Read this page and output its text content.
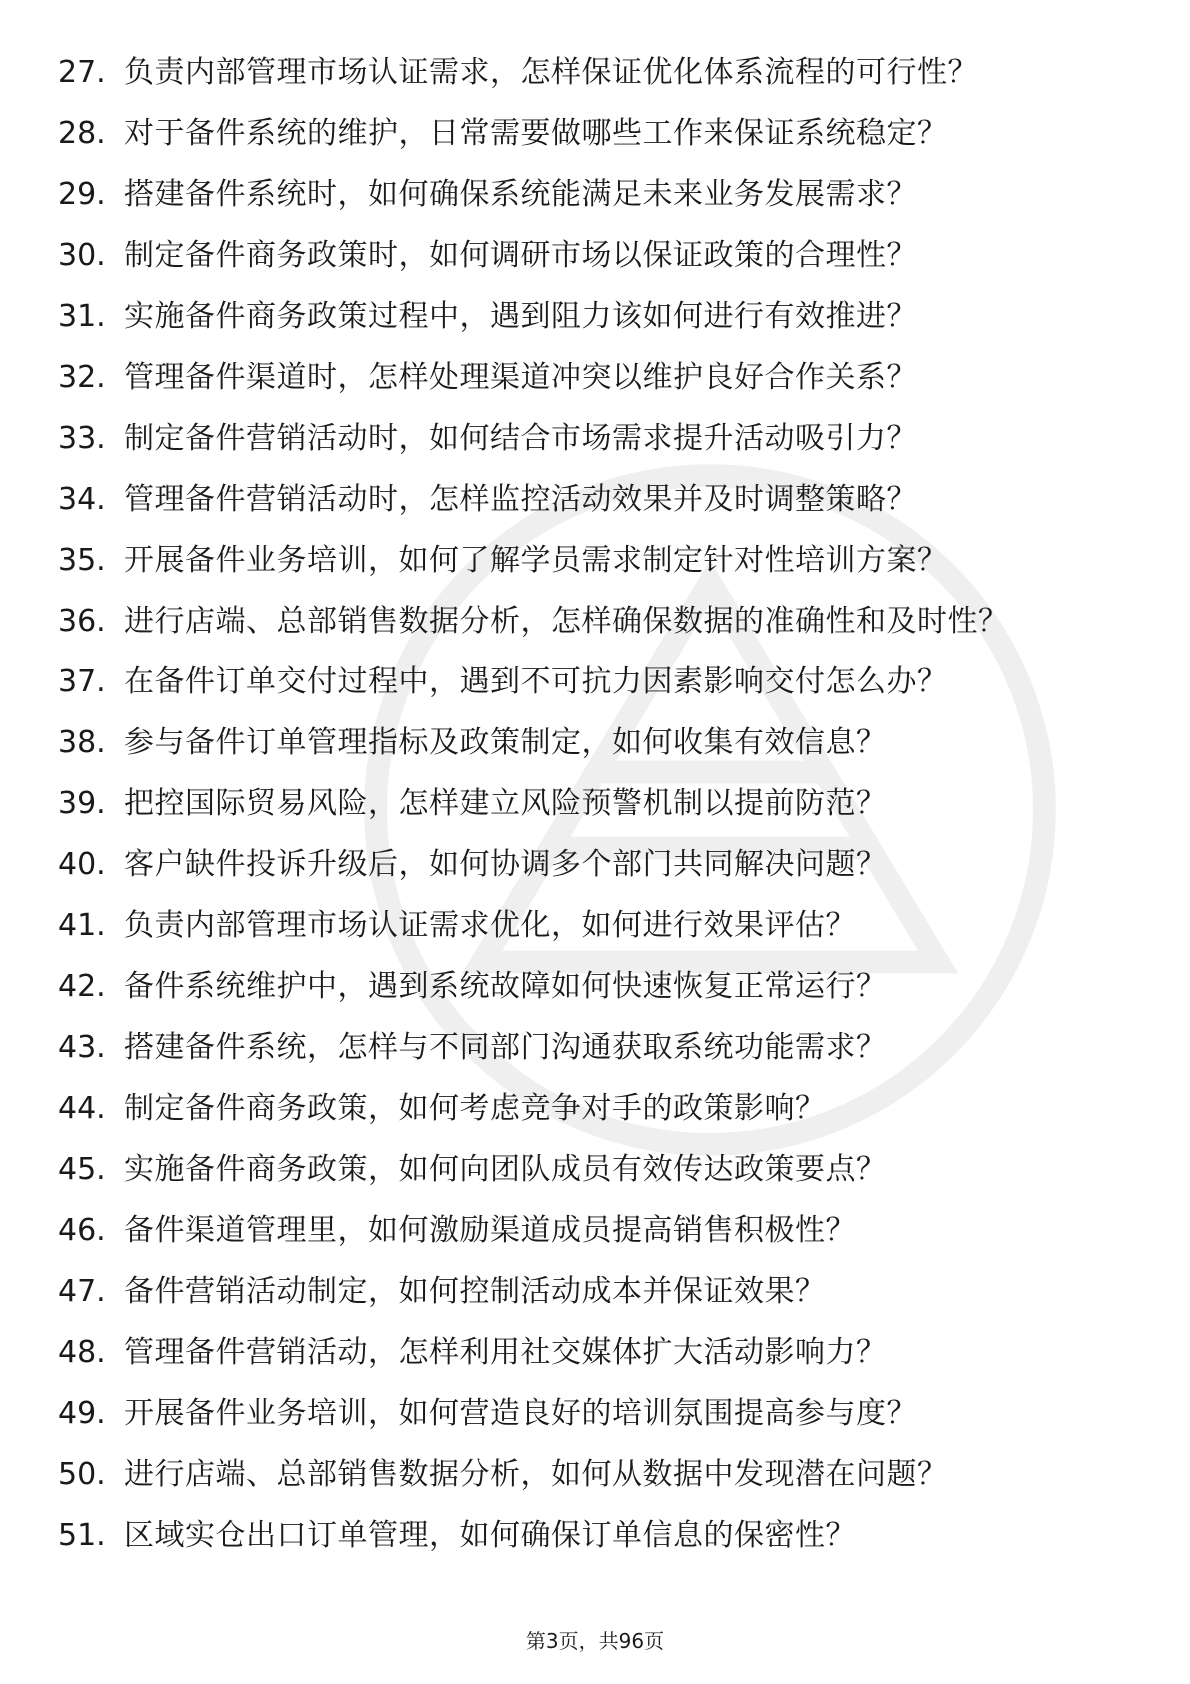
27. 负责内部管理市场认证需求，怎样保证优化体系流程的可行性？
28. 对于备件系统的维护，日常需要做哪些工作来保证系统稳定？
29. 搭建备件系统时，如何确保系统能满足未来业务发展需求？
30. 制定备件商务政策时，如何调研市场以保证政策的合理性？
31. 实施备件商务政策过程中，遇到阻力该如何进行有效推进？
32. 管理备件渠道时，怎样处理渠道冲突以维护良好合作关系？
33. 制定备件营销活动时，如何结合市场需求提升活动吸引力？
34. 管理备件营销活动时，怎样监控活动效果并及时调整策略？
35. 开展备件业务培训，如何了解学员需求制定针对性培训方案？
36. 进行店端、总部销售数据分析，怎样确保数据的准确性和及时性？
37. 在备件订单交付过程中，遇到不可抗力因素影响交付怎么办？
38. 参与备件订单管理指标及政策制定，如何收集有效信息？
39. 把控国际贸易风险，怎样建立风险预警机制以提前防范？
40. 客户缺件投诉升级后，如何协调多个部门共同解决问题？
41. 负责内部管理市场认证需求优化，如何进行效果评估？
42. 备件系统维护中，遇到系统故障如何快速恢复正常运行？
43. 搭建备件系统，怎样与不同部门沟通获取系统功能需求？
44. 制定备件商务政策，如何考虑竞争对手的政策影响？
45. 实施备件商务政策，如何向团队成员有效传达政策要点？
46. 备件渠道管理里，如何激励渠道成员提高销售积极性？
47. 备件营销活动制定，如何控制活动成本并保证效果？
48. 管理备件营销活动，怎样利用社交媒体扩大活动影响力？
49. 开展备件业务培训，如何营造良好的培训氛围提高参与度？
50. 进行店端、总部销售数据分析，如何从数据中发现潜在问题？
51. 区域实仓出口订单管理，如何确保订单信息的保密性？
第3页，共96页
